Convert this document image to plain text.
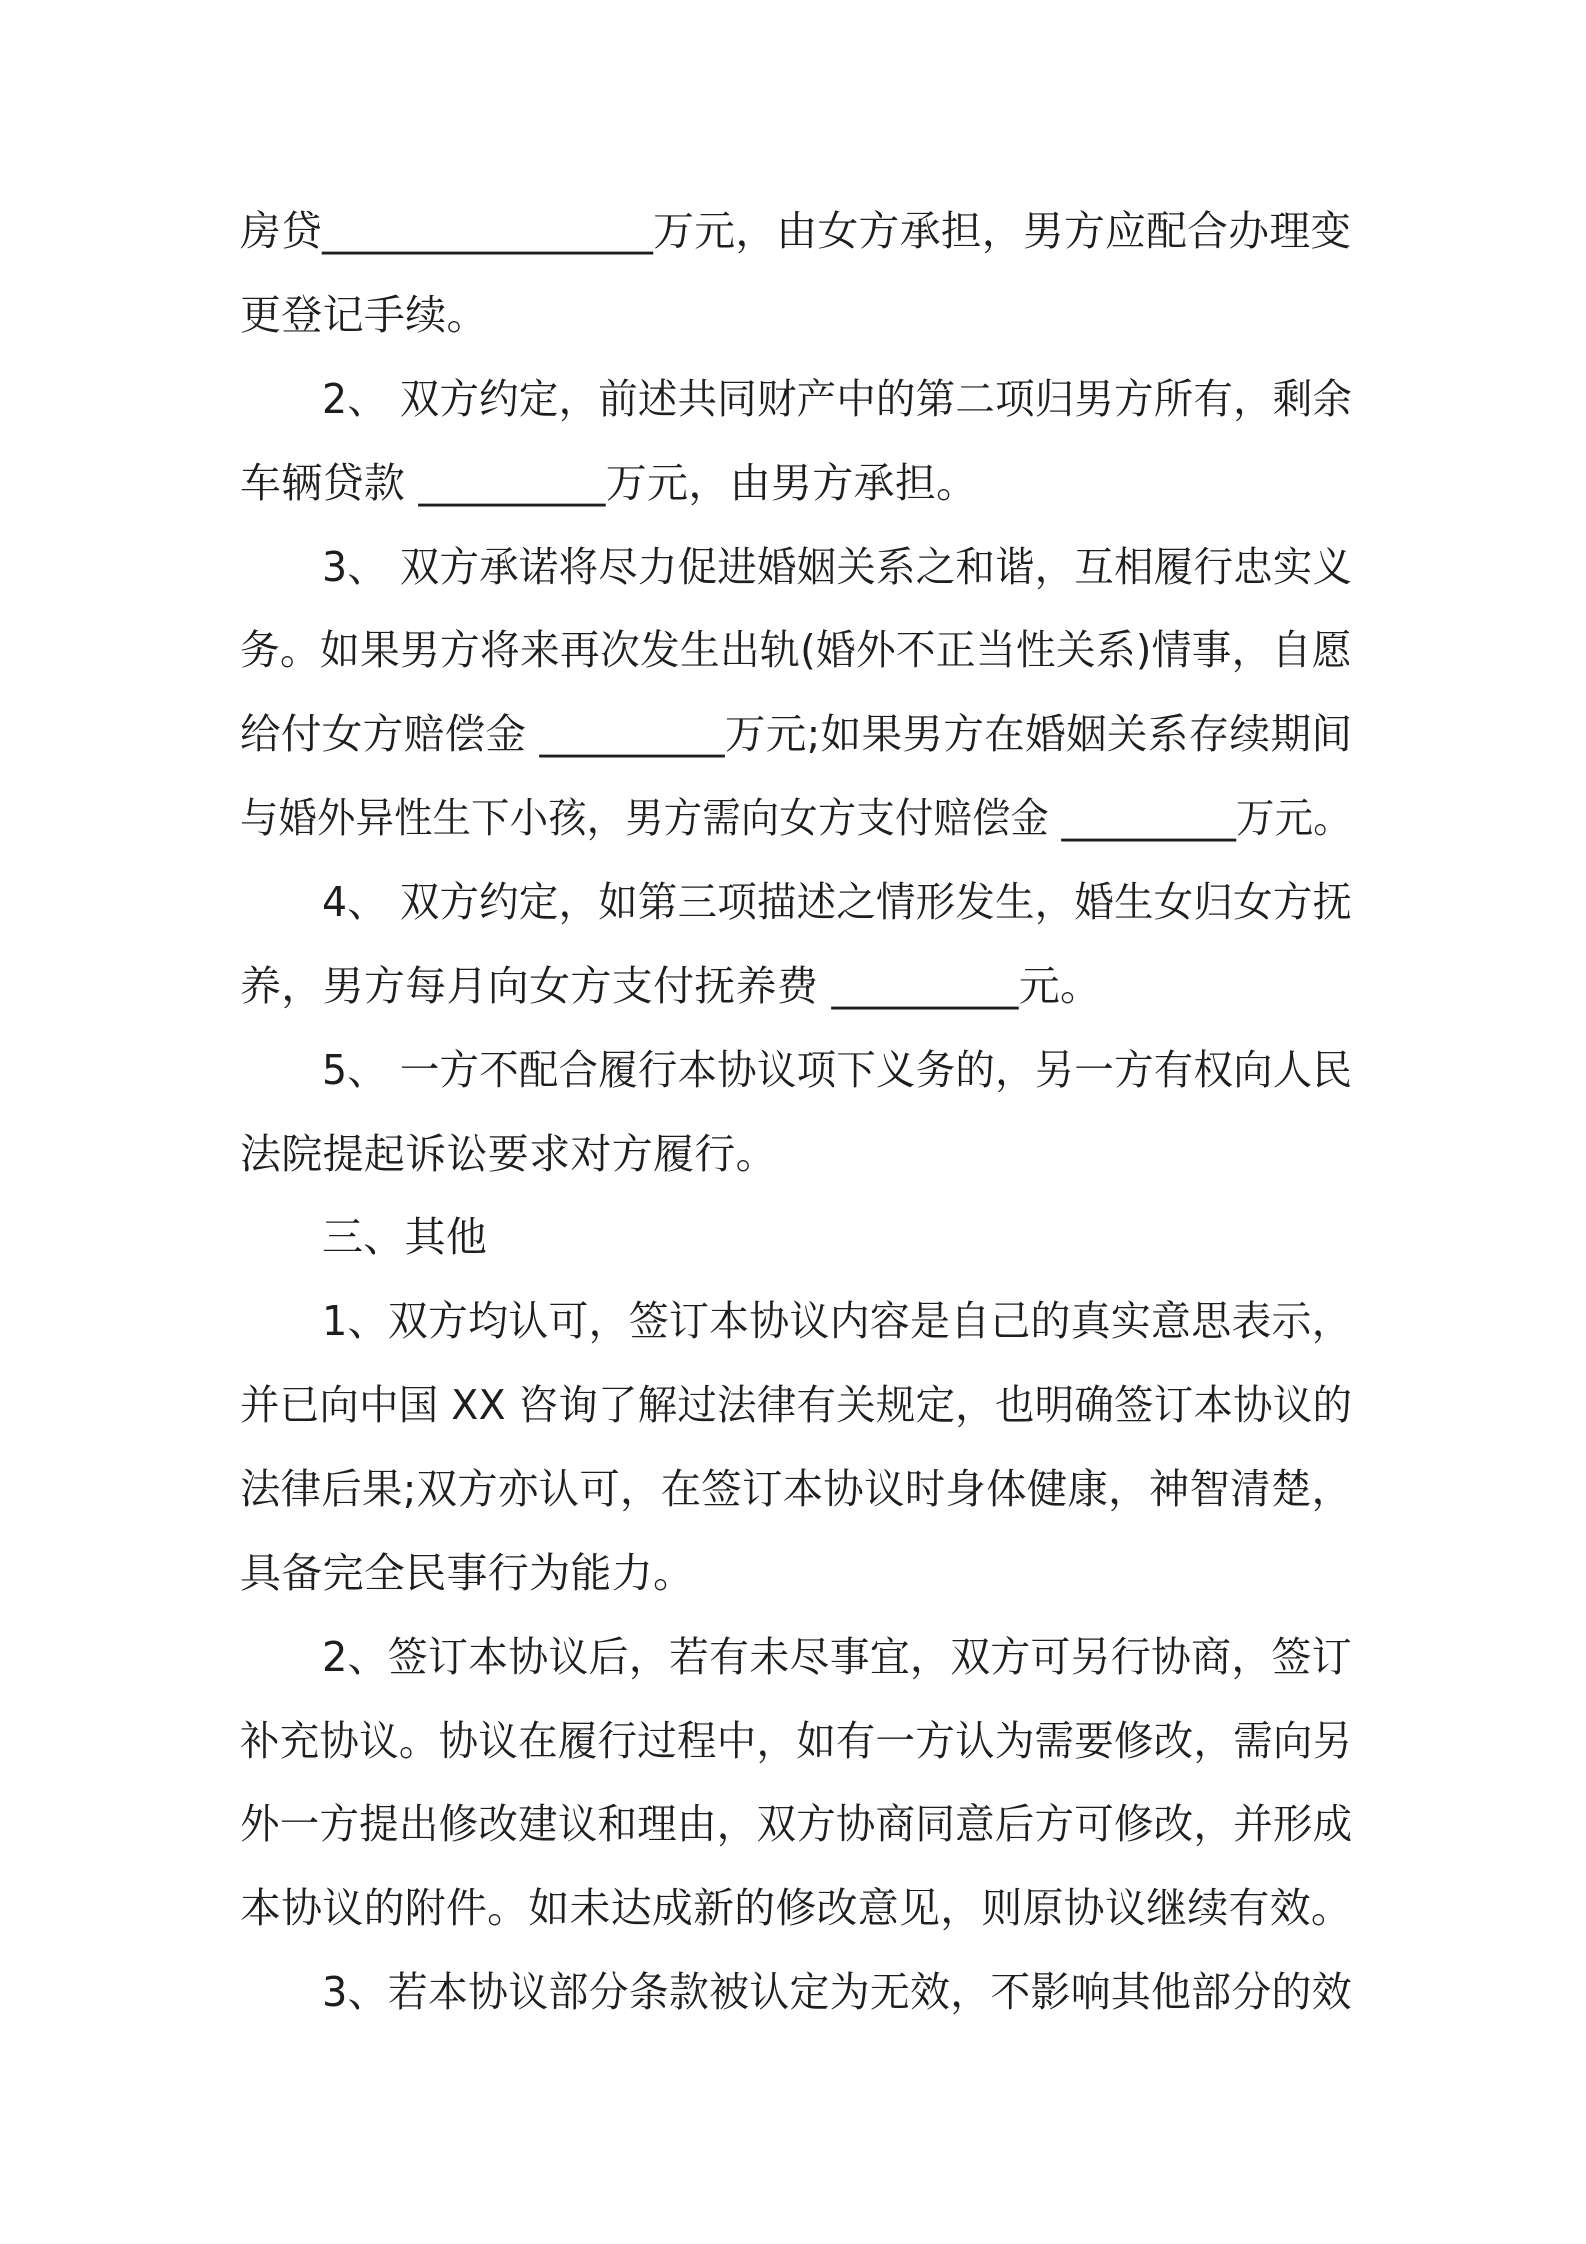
房贷________________万元，由女方承担，男方应配合办理变
更登记手续。
2、 双方约定，前述共同财产中的第二项归男方所有，剩余
车辆贷款 _________万元，由男方承担。
3、 双方承诺将尽力促进婚姻关系之和谐，互相履行忠实义
务。如果男方将来再次发生出轨(婚外不正当性关系)情事，自愿
给付女方赔偿金 _________万元;如果男方在婚姻关系存续期间
与婚外异性生下小孩，男方需向女方支付赔偿金 _________万元。
4、 双方约定，如第三项描述之情形发生，婚生女归女方抚
养，男方每月向女方支付抚养费 _________元。
5、 一方不配合履行本协议项下义务的，另一方有权向人民
法院提起诉讼要求对方履行。
三、其他
1、双方均认可，签订本协议内容是自己的真实意思表示，
并已向中国 XX 咨询了解过法律有关规定，也明确签订本协议的
法律后果;双方亦认可，在签订本协议时身体健康，神智清楚，
具备完全民事行为能力。
2、签订本协议后，若有未尽事宜，双方可另行协商，签订
补充协议。协议在履行过程中，如有一方认为需要修改，需向另
外一方提出修改建议和理由，双方协商同意后方可修改，并形成
本协议的附件。如未达成新的修改意见，则原协议继续有效。
3、若本协议部分条款被认定为无效，不影响其他部分的效
